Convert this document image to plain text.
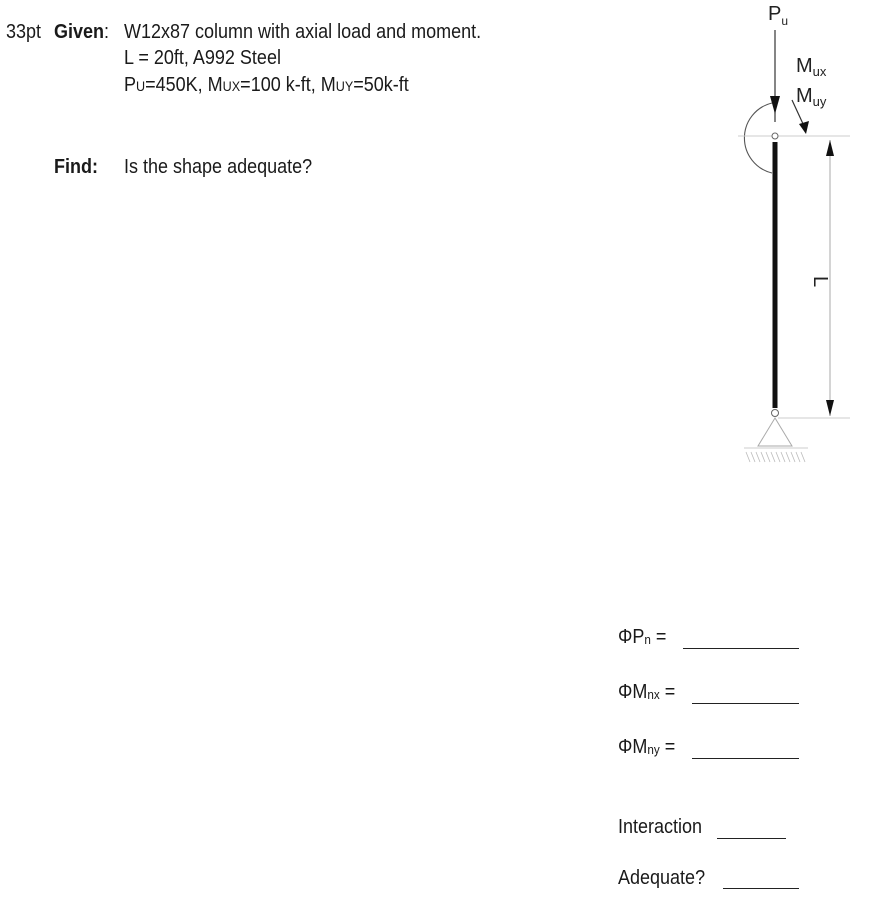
33pt Given: W12x87 column with axial load and moment.
L = 20ft, A992 Steel
PU=450K, MUX=100 k-ft, MUY=50k-ft
Find: Is the shape adequate?
$P_u$
$M_{ux}$
$M_{uy}$
L
ΦPn =
ΦMnx =
ΦMny =
Interaction
Adequate?
